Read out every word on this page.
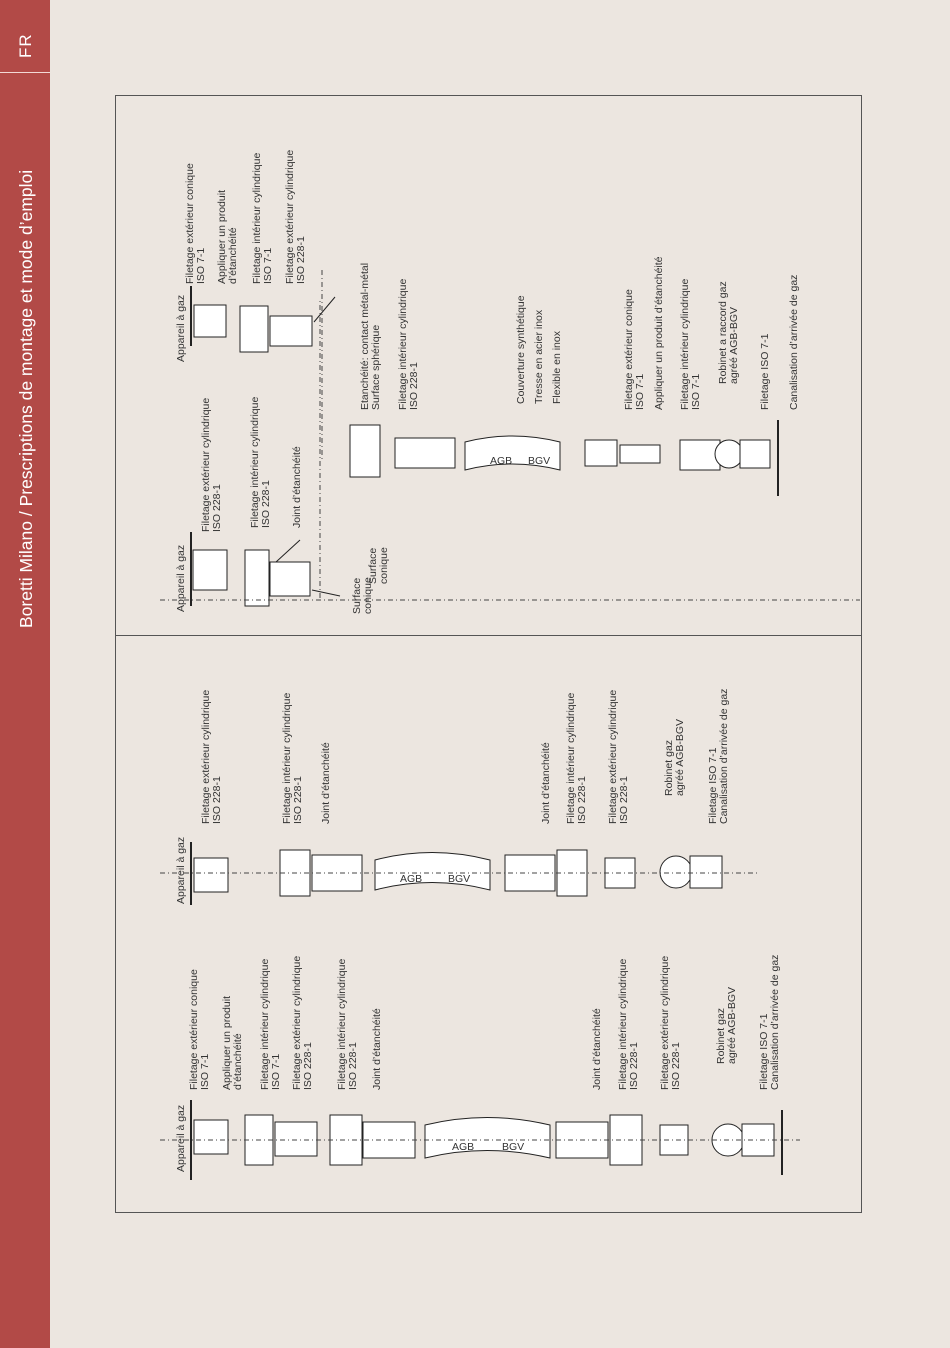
FR
Boretti Milano / Prescriptions de montage et mode d’emploi	AGB BGV
AGB BGV
AGB	BGV
Appareil à gaz
Filetage extérieur cylindriqueISO 228-1 Filetage intérieur cylindriqueISO 228-1 Joint d’étanchéité
Surfaceconique
Surfaceconique
Appareil à gaz
Filetage extérieur coniqueISO 7-1 Appliquer un produitd’étanchéité Filetage intérieur cylindriqueISO 7-1 Filetage extérieur cylindriqueISO 228-1
Etanchéité: contact métal-métalSurface sphérique Filetage intérieur cylindriqueISO 228-1	Couverture synthétique Tresse en acier inox Flexible en inox	Filetage extérieur coniqueISO 7-1 Appliquer un produit d’étanchéité Filetage intérieur cylindriqueISO 7-1
Robinet a raccord gazagréé AGB-BGV Filetage ISO 7-1 Canalisation d’arrivée de gaz
Appareil à gaz
Filetage extérieur cylindriqueISO 228-1	Filetage intérieur cylindriqueISO 228-1 Joint d’étanchéité	Joint d’étanchéité Filetage intérieur cylindriqueISO 228-1 Filetage extérieur cylindriqueISO 228-1
Robinet gazagréé AGB-BGV Filetage ISO 7-1Canalisation d’arrivée de gaz
Appareil à gaz
Filetage extérieur coniqueISO 7-1 Appliquer un produitd’étanchéité Filetage intérieur cylindriqueISO 7-1 Filetage extérieur cylindriqueISO 228-1 Filetage intérieur cylindriqueISO 228-1 Joint d’étanchéité	Joint d’étanchéité Filetage intérieur cylindriqueISO 228-1 Filetage extérieur cylindriqueISO 228-1
Robinet gazagréé AGB-BGV Filetage ISO 7-1Canalisation d’arrivée de gaz
